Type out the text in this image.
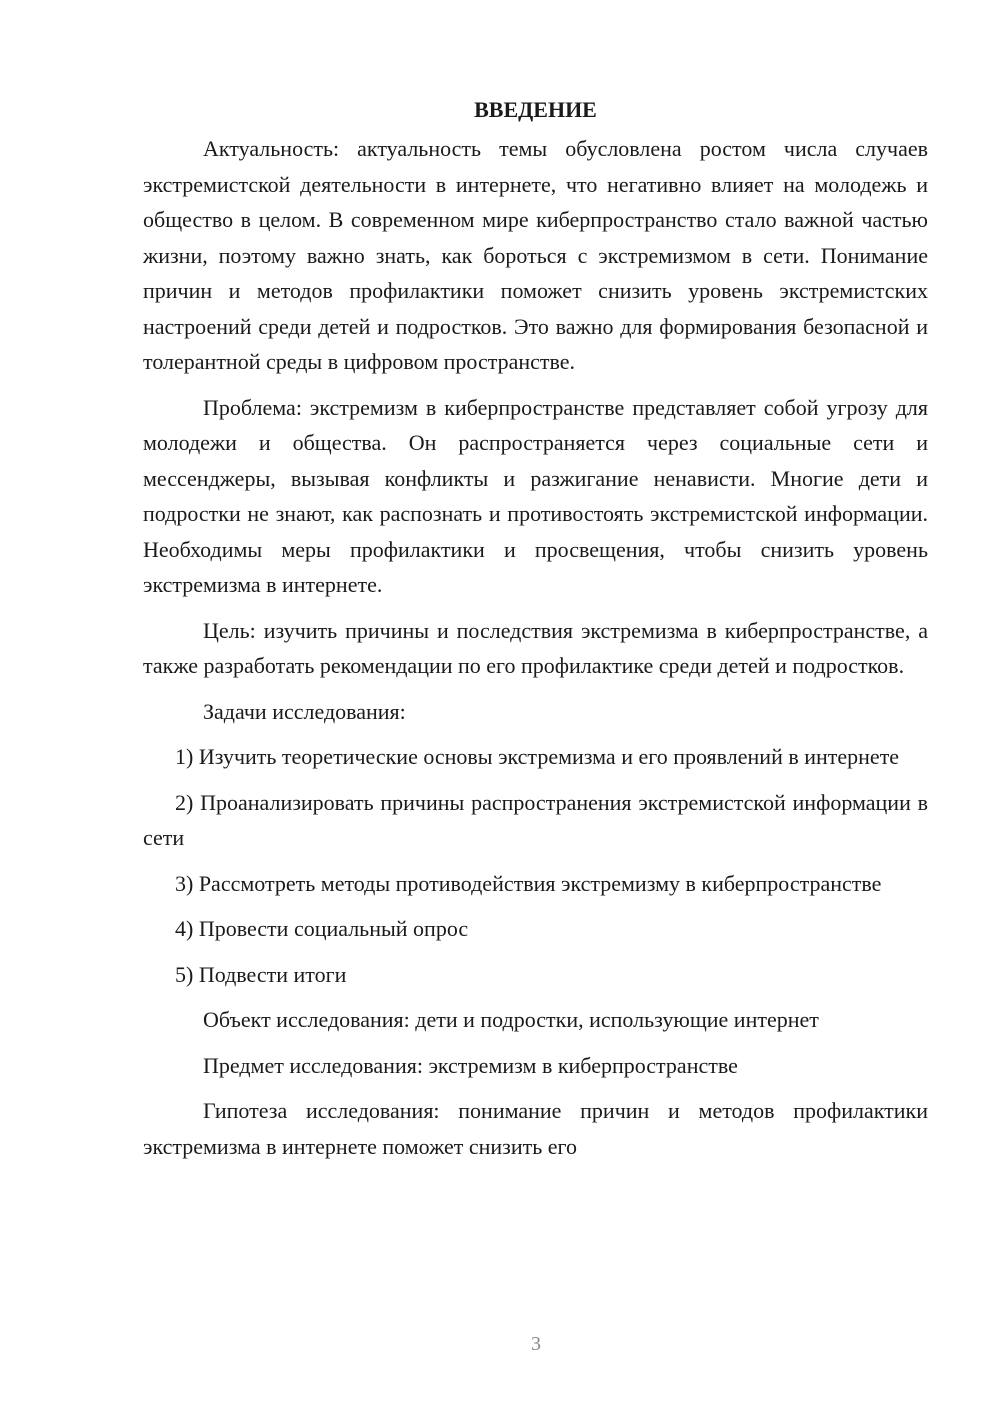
ВВЕДЕНИЕ

Актуальность: актуальность темы обусловлена ростом числа случаев экстремистской деятельности в интернете, что негативно влияет на молодежь и общество в целом. В современном мире киберпространство стало важной частью жизни, поэтому важно знать, как бороться с экстремизмом в сети. Понимание причин и методов профилактики поможет снизить уровень экстремистских настроений среди детей и подростков. Это важно для формирования безопасной и толерантной среды в цифровом пространстве.

Проблема: экстремизм в киберпространстве представляет собой угрозу для молодежи и общества. Он распространяется через социальные сети и мессенджеры, вызывая конфликты и разжигание ненависти. Многие дети и подростки не знают, как распознать и противостоять экстремистской информации. Необходимы меры профилактики и просвещения, чтобы снизить уровень экстремизма в интернете.

Цель: изучить причины и последствия экстремизма в киберпространстве, а также разработать рекомендации по его профилактике среди детей и подростков.

Задачи исследования:

1) Изучить теоретические основы экстремизма и его проявлений в интернете

2) Проанализировать причины распространения экстремистской информации в сети

3) Рассмотреть методы противодействия экстремизму в киберпространстве

4) Провести социальный опрос

5) Подвести итоги

Объект исследования: дети и подростки, использующие интернет

Предмет исследования: экстремизм в киберпространстве

Гипотеза исследования: понимание причин и методов профилактики экстремизма в интернете поможет снизить его

3
